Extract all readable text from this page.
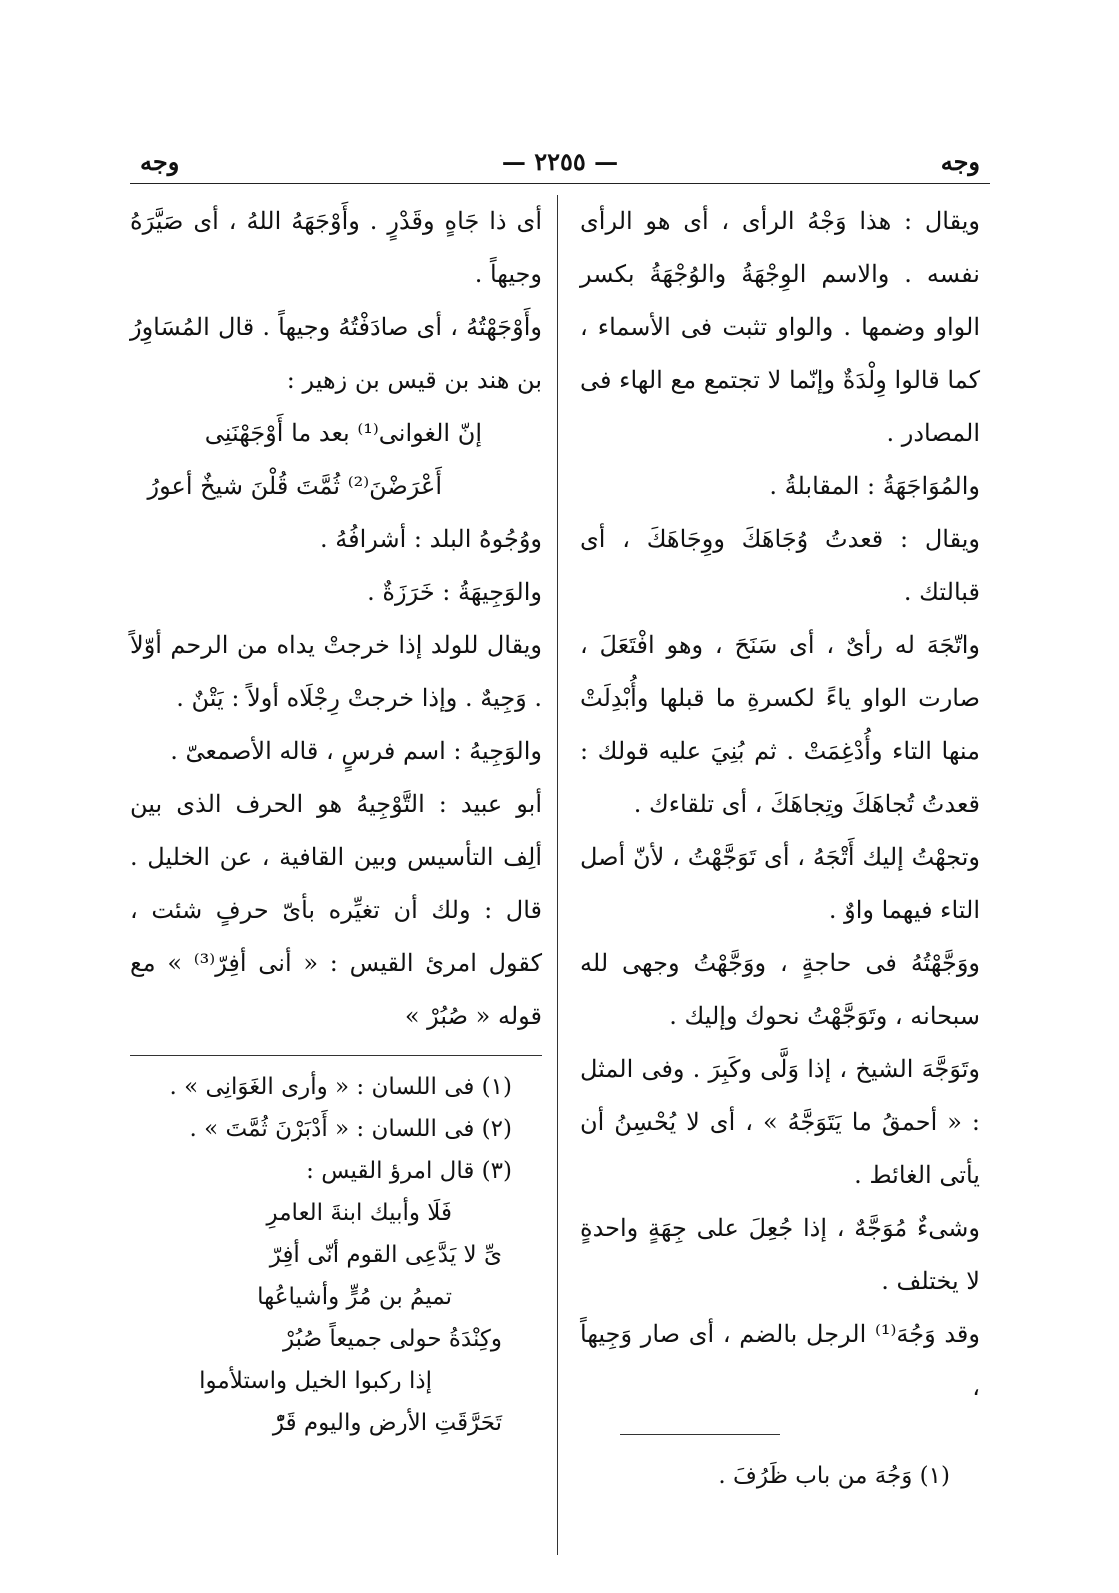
وجه
— ٢٢٥٥ —
وجه

ويقال : هذا وَجْهُ الرأى ، أى هو الرأى نفسه . والاسم الوِجْهَةُ والوُجْهَةُ بكسر الواو وضمها . والواو تثبت فى الأسماء ، كما قالوا وِلْدَةٌ وإنّما لا تجتمع مع الهاء فى المصادر .

والمُوَاجَهَةُ : المقابلةُ .

ويقال : قعدتُ وُجَاهَكَ ووِجَاهَكَ ، أى قبالتك .

واتّجَهَ له رأىٌ ، أى سَنَحَ ، وهو افْتَعَلَ ، صارت الواو ياءً لكسرةِ ما قبلها وأُبْدِلَتْ منها التاء وأُدْغِمَتْ . ثم بُنِيَ عليه قولك : قعدتُ تُجاهَكَ وتِجاهَكَ ، أى تلقاءك .

وتجهْتُ إليك أَتْجَهُ ، أى تَوَجَّهْتُ ، لأنّ أصل التاء فيهما واوٌ .

ووَجَّهْتُهُ فى حاجةٍ ، ووَجَّهْتُ وجهى لله سبحانه ، وتَوَجَّهْتُ نحوك وإليك .

وتَوَجَّهَ الشيخ ، إذا وَلَّى وكَبِرَ . وفى المثل : « أحمقُ ما يَتَوَجَّهُ » ، أى لا يُحْسِنُ أن يأتى الغائط .

وشىءٌ مُوَجَّهٌ ، إذا جُعِلَ على جِهَةٍ واحدةٍ لا يختلف .

وقد وَجُهَ⁽¹⁾ الرجل بالضم ، أى صار وَجِيهاً ،

(١) وَجُهَ من باب ظَرُفَ .

أى ذا جَاهٍ وقَدْرٍ . وأَوْجَهَهُ اللهُ ، أى صَيَّرَهُ وجيهاً .

وأَوْجَهْتُهُ ، أى صادَفْتُهُ وجيهاً . قال المُسَاوِرُ بن هند بن قيس بن زهير :

إنّ الغوانى⁽¹⁾ بعد ما أَوْجَهْنَنِى
أَعْرَضْنَ⁽²⁾ ثُمَّتَ قُلْنَ شيخٌ أعورُ

ووُجُوهُ البلد : أشرافُهُ .

والوَجِيهَةُ : خَرَزَةٌ .

ويقال للولد إذا خرجتْ يداه من الرحم أوّلاً . وَجِيهٌ . وإذا خرجتْ رِجْلَاه أولاً : يَتْنٌ .

والوَجِيهُ : اسم فرسٍ ، قاله الأصمعىّ .

أبو عبيد : التَّوْجِيهُ هو الحرف الذى بين ألِف التأسيس وبين القافية ، عن الخليل . قال : ولك أن تغيِّره بأىّ حرفٍ شئت ، كقول امرئ القيس : « أنى أفِرّ⁽³⁾ » مع قوله « صُبُرْ »

(١) فى اللسان : « وأرى الغَوَانِى » .

(٢) فى اللسان : « أَدْبَرْنَ ثُمَّتَ » .

(٣) قال امرؤ القيس :

فَلَا وأبيك ابنةَ العامرِ
ىِّ لا يَدَّعِى القوم أنّى أفِرّ
تميمُ بن مُرٍّ وأشياعُها
وكِنْدَةُ حولى جميعاً صُبُرْ
إذا ركبوا الخيل واستلأموا
تَحَرَّقَتِ الأرض واليوم قَرّْ
